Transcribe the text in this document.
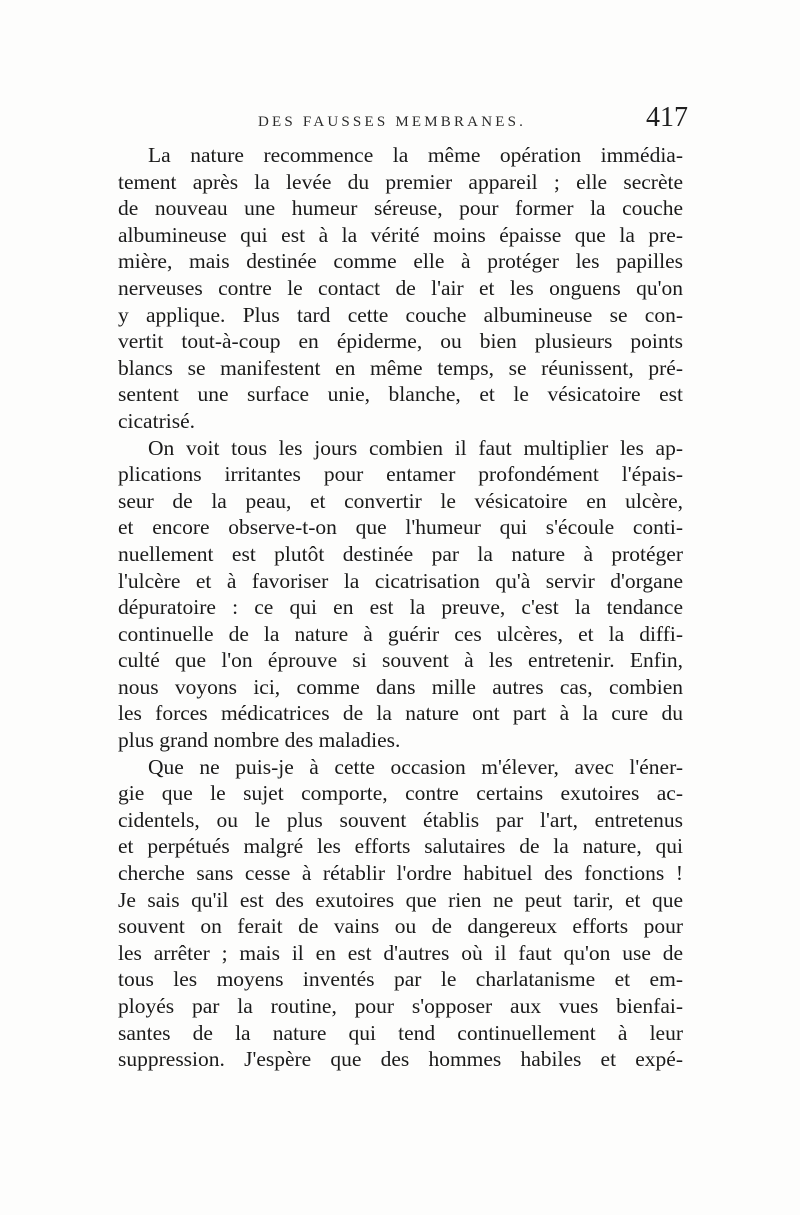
DES FAUSSES MEMBRANES.	417
La nature recommence la même opération immédia-
tement après la levée du premier appareil ; elle secrète
de nouveau une humeur séreuse, pour former la couche
albumineuse qui est à la vérité moins épaisse que la pre-
mière, mais destinée comme elle à protéger les papilles
nerveuses contre le contact de l'air et les onguens qu'on
y applique. Plus tard cette couche albumineuse se con-
vertit tout-à-coup en épiderme, ou bien plusieurs points
blancs se manifestent en même temps, se réunissent, pré-
sentent une surface unie, blanche, et le vésicatoire est
cicatrisé.
On voit tous les jours combien il faut multiplier les ap-
plications irritantes pour entamer profondément l'épais-
seur de la peau, et convertir le vésicatoire en ulcère,
et encore observe-t-on que l'humeur qui s'écoule conti-
nuellement est plutôt destinée par la nature à protéger
l'ulcère et à favoriser la cicatrisation qu'à servir d'organe
dépuratoire : ce qui en est la preuve, c'est la tendance
continuelle de la nature à guérir ces ulcères, et la diffi-
culté que l'on éprouve si souvent à les entretenir. Enfin,
nous voyons ici, comme dans mille autres cas, combien
les forces médicatrices de la nature ont part à la cure du
plus grand nombre des maladies.
Que ne puis-je à cette occasion m'élever, avec l'éner-
gie que le sujet comporte, contre certains exutoires ac-
cidentels, ou le plus souvent établis par l'art, entretenus
et perpétués malgré les efforts salutaires de la nature, qui
cherche sans cesse à rétablir l'ordre habituel des fonctions !
Je sais qu'il est des exutoires que rien ne peut tarir, et que
souvent on ferait de vains ou de dangereux efforts pour
les arrêter ; mais il en est d'autres où il faut qu'on use de
tous les moyens inventés par le charlatanisme et em-
ployés par la routine, pour s'opposer aux vues bienfai-
santes de la nature qui tend continuellement à leur
suppression. J'espère que des hommes habiles et expé-
